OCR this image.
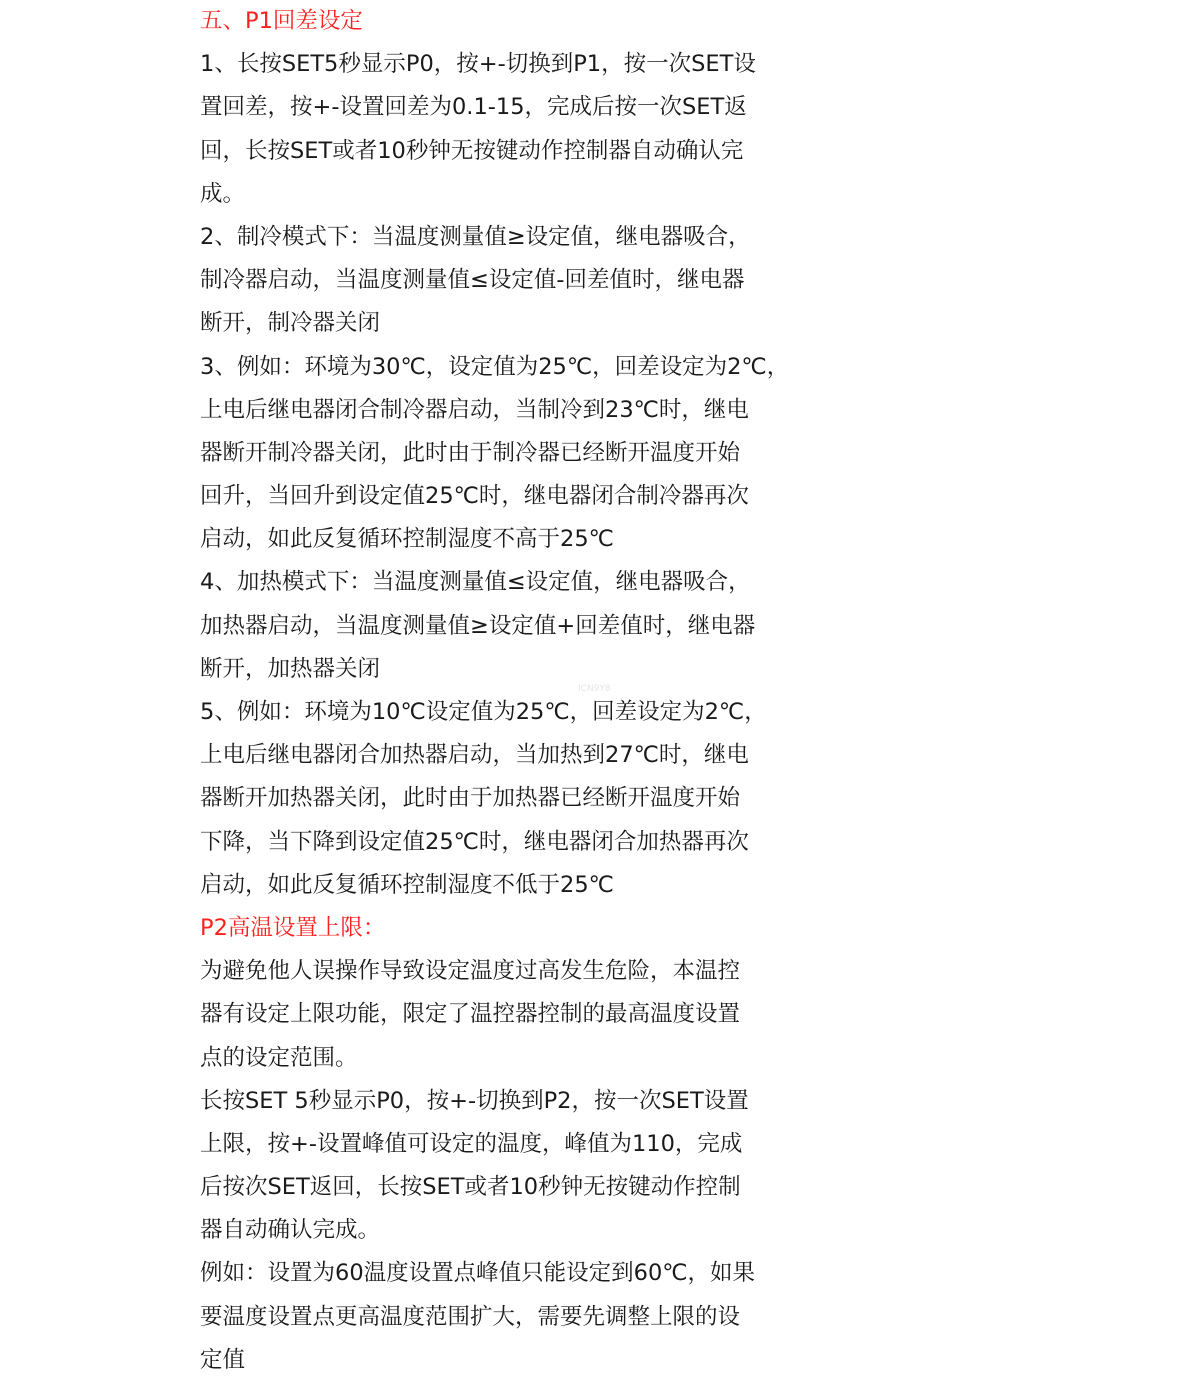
五、P1回差设定
1、长按SET5秒显示P0，按+-切换到P1，按一次SET设
置回差，按+-设置回差为0.1-15，完成后按一次SET返
回，长按SET或者10秒钟无按键动作控制器自动确认完
成。
2、制冷模式下：当温度测量值≥设定值，继电器吸合，
制冷器启动，当温度测量值≤设定值-回差值时，继电器
断开，制冷器关闭
3、例如：环境为30℃，设定值为25℃，回差设定为2℃，
上电后继电器闭合制冷器启动，当制冷到23℃时，继电
器断开制冷器关闭，此时由于制冷器已经断开温度开始
回升，当回升到设定值25℃时，继电器闭合制冷器再次
启动，如此反复循环控制湿度不高于25℃
4、加热模式下：当温度测量值≤设定值，继电器吸合，
加热器启动，当温度测量值≥设定值+回差值时，继电器
断开，加热器关闭
5、例如：环境为10℃设定值为25℃，回差设定为2℃，
上电后继电器闭合加热器启动，当加热到27℃时，继电
器断开加热器关闭，此时由于加热器已经断开温度开始
下降，当下降到设定值25℃时，继电器闭合加热器再次
启动，如此反复循环控制湿度不低于25℃
P2高温设置上限：
为避免他人误操作导致设定温度过高发生危险，本温控
器有设定上限功能，限定了温控器控制的最高温度设置
点的设定范围。
长按SET 5秒显示P0，按+-切换到P2，按一次SET设置
上限，按+-设置峰值可设定的温度，峰值为110，完成
后按次SET返回，长按SET或者10秒钟无按键动作控制
器自动确认完成。
例如：设置为60温度设置点峰值只能设定到60℃，如果
要温度设置点更高温度范围扩大，需要先调整上限的设
定值
ICN9Y8
